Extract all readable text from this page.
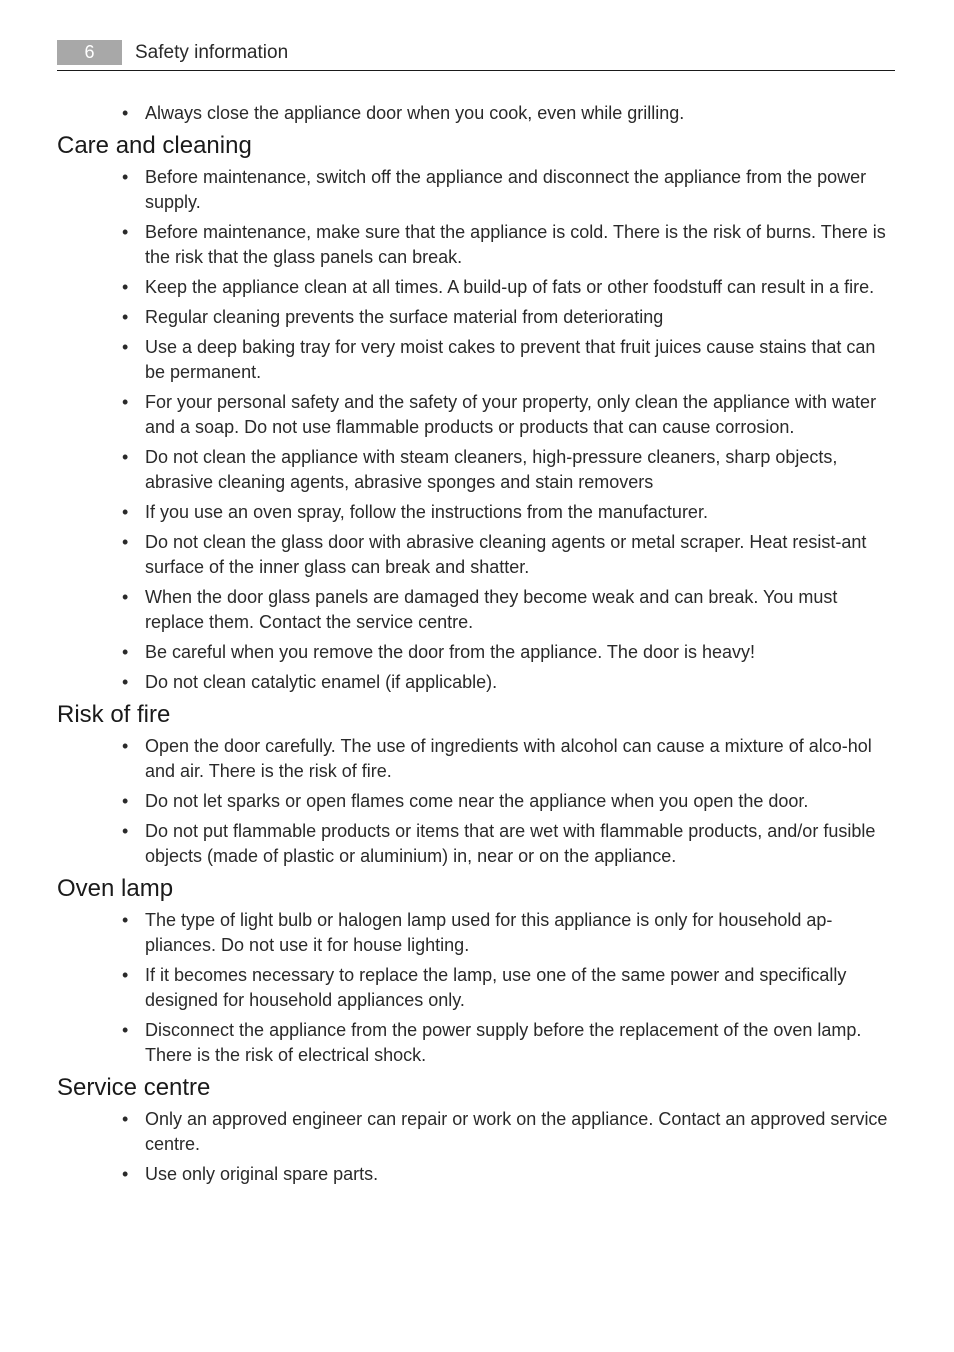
6	Safety information
• Always close the appliance door when you cook, even while grilling.
Care and cleaning
• Before maintenance, switch off the appliance and disconnect the appliance from the power supply.
• Before maintenance, make sure that the appliance is cold. There is the risk of burns. There is the risk that the glass panels can break.
• Keep the appliance clean at all times. A build-up of fats or other foodstuff can result in a fire.
• Regular cleaning prevents the surface material from deteriorating
• Use a deep baking tray for very moist cakes to prevent that fruit juices cause stains that can be permanent.
• For your personal safety and the safety of your property, only clean the appliance with water and a soap. Do not use flammable products or products that can cause corrosion.
• Do not clean the appliance with steam cleaners, high-pressure cleaners, sharp objects, abrasive cleaning agents, abrasive sponges and stain removers
• If you use an oven spray, follow the instructions from the manufacturer.
• Do not clean the glass door with abrasive cleaning agents or metal scraper. Heat resist-ant surface of the inner glass can break and shatter.
• When the door glass panels are damaged they become weak and can break. You must replace them. Contact the service centre.
• Be careful when you remove the door from the appliance. The door is heavy!
• Do not clean catalytic enamel (if applicable).
Risk of fire
• Open the door carefully. The use of ingredients with alcohol can cause a mixture of alco-hol and air. There is the risk of fire.
• Do not let sparks or open flames come near the appliance when you open the door.
• Do not put flammable products or items that are wet with flammable products, and/or fusible objects (made of plastic or aluminium) in, near or on the appliance.
Oven lamp
• The type of light bulb or halogen lamp used for this appliance is only for household ap-pliances. Do not use it for house lighting.
• If it becomes necessary to replace the lamp, use one of the same power and specifically designed for household appliances only.
• Disconnect the appliance from the power supply before the replacement of the oven lamp. There is the risk of electrical shock.
Service centre
• Only an approved engineer can repair or work on the appliance. Contact an approved service centre.
• Use only original spare parts.
